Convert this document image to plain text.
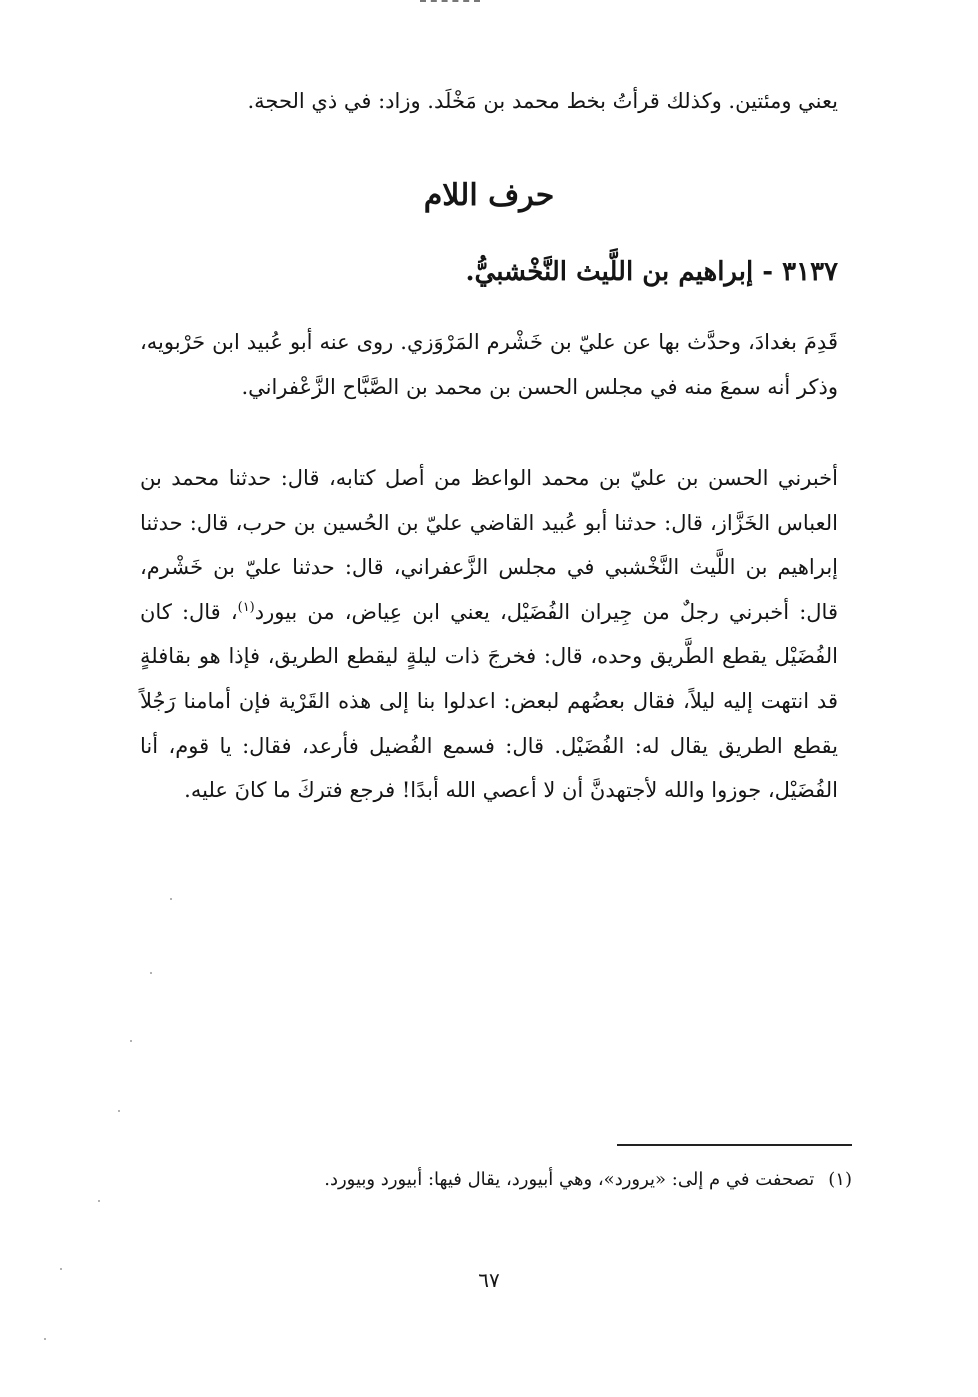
يعني ومئتين. وكذلك قرأتُ بخط محمد بن مَخْلَد. وزاد: في ذي الحجة.
حرف اللام
٣١٣٧ - إبراهيم بن اللَّيث النَّخْشبيُّ.
قَدِمَ بغدادَ، وحدَّث بها عن عليّ بن خَشْرم المَرْوَزي. روى عنه أبو عُبيد ابن حَرْبويه، وذكر أنه سمعَ منه في مجلس الحسن بن محمد بن الصَّبَّاح الزَّعْفراني.
أخبرني الحسن بن عليّ بن محمد الواعظ من أصل كتابه، قال: حدثنا محمد بن العباس الخَزَّاز، قال: حدثنا أبو عُبيد القاضي عليّ بن الحُسين بن حرب، قال: حدثنا إبراهيم بن اللَّيث النَّخْشبي في مجلس الزَّعفراني، قال: حدثنا عليّ بن خَشْرم، قال: أخبرني رجلٌ من جِيران الفُضَيْل، يعني ابن عِياض، من بيورد$^{(١)}$، قال: كان الفُضَيْل يقطع الطَّريق وحده، قال: فخرجَ ذات ليلةٍ ليقطع الطريق، فإذا هو بقافلةٍ قد انتهت إليه ليلاً، فقال بعضُهم لبعض: اعدلوا بنا إلى هذه القَرْية فإن أمامنا رَجُلاً يقطع الطريق يقال له: الفُضَيْل. قال: فسمع الفُضيل فأرعد، فقال: يا قوم، أنا الفُضَيْل، جوزوا والله لأجتهدنَّ أن لا أعصي الله أبدًا! فرجع فتركَ ما كانَ عليه.
(١)تصحفت في م إلى: «يرورد»، وهي أبيورد، يقال فيها: أبيورد وبيورد.
٦٧
